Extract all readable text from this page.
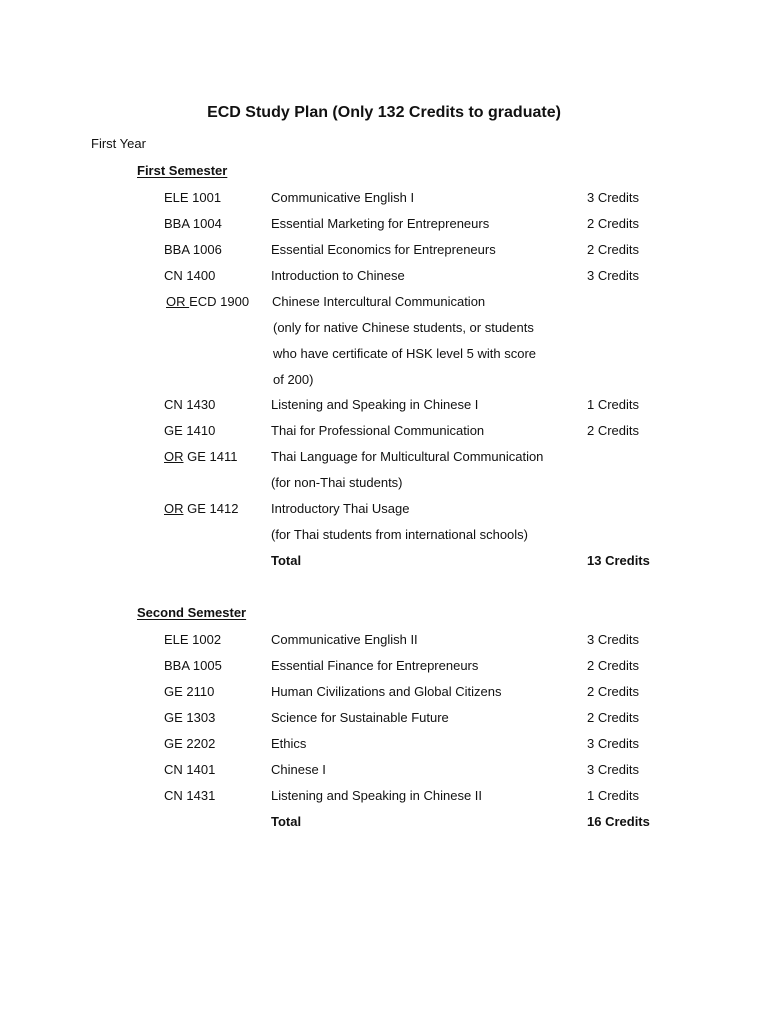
ECD Study Plan (Only 132 Credits to graduate)
First Year
First Semester
ELE 1001	Communicative English I	3 Credits
BBA 1004	Essential Marketing for Entrepreneurs	2 Credits
BBA 1006	Essential Economics for Entrepreneurs	2 Credits
CN 1400	Introduction to Chinese	3 Credits
OR ECD 1900 Chinese Intercultural Communication
(only for native Chinese students, or students
who have certificate of HSK level 5 with score
of 200)
CN 1430	Listening and Speaking in Chinese I	1 Credits
GE 1410	Thai for Professional Communication	2 Credits
OR GE 1411	Thai Language for Multicultural Communication
(for non-Thai students)
OR GE 1412	Introductory Thai Usage
(for Thai students from international schools)
Total	13 Credits
Second Semester
ELE 1002	Communicative English II	3 Credits
BBA 1005	Essential Finance for Entrepreneurs	2 Credits
GE 2110	Human Civilizations and Global Citizens	2 Credits
GE 1303	Science for Sustainable Future	2 Credits
GE 2202	Ethics	3 Credits
CN 1401	Chinese I	3 Credits
CN 1431	Listening and Speaking in Chinese II	1 Credits
Total	16 Credits
